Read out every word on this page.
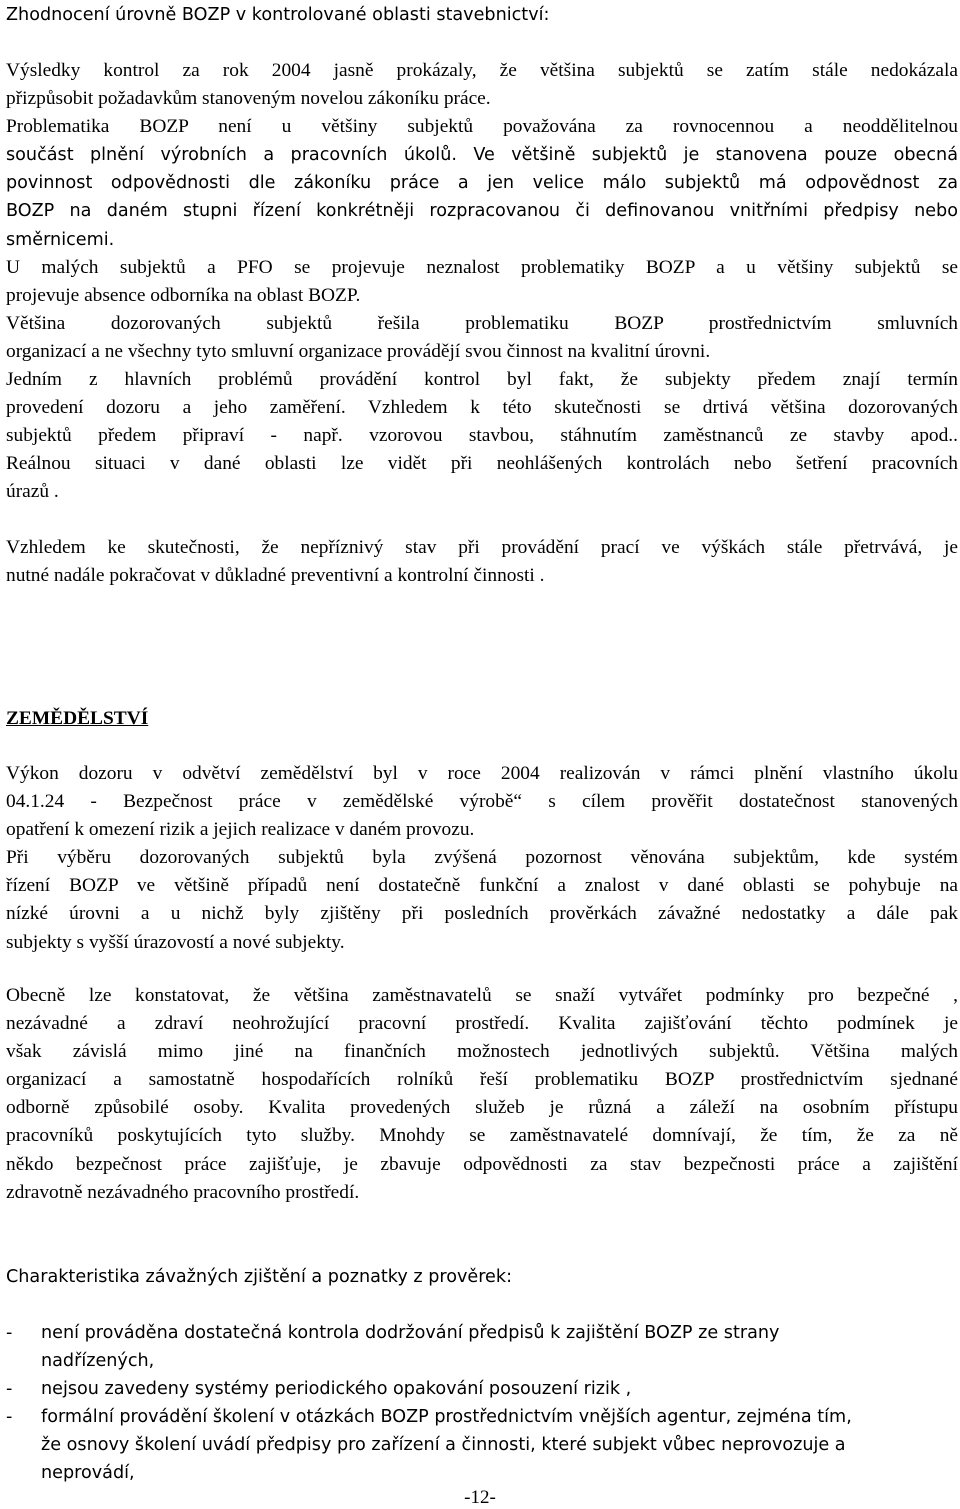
Zhodnocení úrovně BOZP v kontrolované oblasti stavebnictví:
Výsledky kontrol za rok 2004 jasně prokázaly, že většina subjektů se zatím stále nedokázala
přizpůsobit požadavkům stanoveným novelou zákoníku práce.
Problematika BOZP není u většiny subjektů považována za rovnocennou a neoddělitelnou
součást plnění výrobních a pracovních úkolů. Ve většině subjektů je stanovena pouze obecná
povinnost odpovědnosti dle zákoníku práce a jen velice málo subjektů má odpovědnost za
BOZP na daném stupni řízení konkrétněji rozpracovanou či definovanou vnitřními předpisy nebo
směrnicemi.
U malých subjektů a PFO se projevuje neznalost problematiky BOZP a u většiny subjektů se
projevuje absence odborníka na oblast BOZP.
Většina dozorovaných subjektů řešila problematiku BOZP prostřednictvím smluvních
organizací a ne všechny tyto smluvní organizace provádějí svou činnost na kvalitní úrovni.
Jedním z hlavních problémů provádění kontrol byl fakt, že subjekty předem znají termín
provedení dozoru a jeho zaměření. Vzhledem k této skutečnosti se drtivá většina dozorovaných
subjektů předem připraví - např. vzorovou stavbou, stáhnutím zaměstnanců ze stavby apod..
Reálnou situaci v dané oblasti lze vidět při neohlášených kontrolách nebo šetření pracovních
úrazů .
Vzhledem ke skutečnosti, že nepříznivý stav při provádění prací ve výškách stále přetrvává, je
nutné nadále pokračovat v důkladné preventivní a kontrolní činnosti .
ZEMĚDĚLSTVÍ
Výkon dozoru v odvětví zemědělství byl v roce 2004 realizován v rámci plnění vlastního úkolu
04.1.24 - Bezpečnost práce v zemědělské výrobě“ s cílem prověřit dostatečnost stanovených
opatření k omezení rizik a jejich realizace v daném provozu.
Při výběru dozorovaných subjektů byla zvýšená pozornost věnována subjektům, kde systém
řízení BOZP ve většině případů není dostatečně funkční a znalost v dané oblasti se pohybuje na
nízké úrovni a u nichž byly zjištěny při posledních prověrkách závažné nedostatky a dále pak
subjekty s vyšší úrazovostí a nové subjekty.
Obecně lze konstatovat, že většina zaměstnavatelů se snaží vytvářet podmínky pro bezpečné ,
nezávadné a zdraví neohrožující pracovní prostředí. Kvalita zajišťování těchto podmínek je
však závislá mimo jiné na finančních možnostech jednotlivých subjektů. Většina malých
organizací a samostatně hospodařících rolníků řeší problematiku BOZP prostřednictvím sjednané
odborně způsobilé osoby. Kvalita provedených služeb je různá a záleží na osobním přístupu
pracovníků poskytujících tyto služby. Mnohdy se zaměstnavatelé domnívají, že tím, že za ně
někdo bezpečnost práce zajišťuje, je zbavuje odpovědnosti za stav bezpečnosti práce a zajištění
zdravotně nezávadného pracovního prostředí.
Charakteristika závažných zjištění a poznatky z prověrek:
- není prováděna dostatečná kontrola dodržování předpisů k zajištění BOZP ze strany
nadřízených,
- nejsou zavedeny systémy periodického opakování posouzení rizik ,
- formální provádění školení v otázkách BOZP prostřednictvím vnějších agentur, zejména tím,
že osnovy školení uvádí předpisy pro zařízení a činnosti, které subjekt vůbec neprovozuje a
neprovádí,
-12-
